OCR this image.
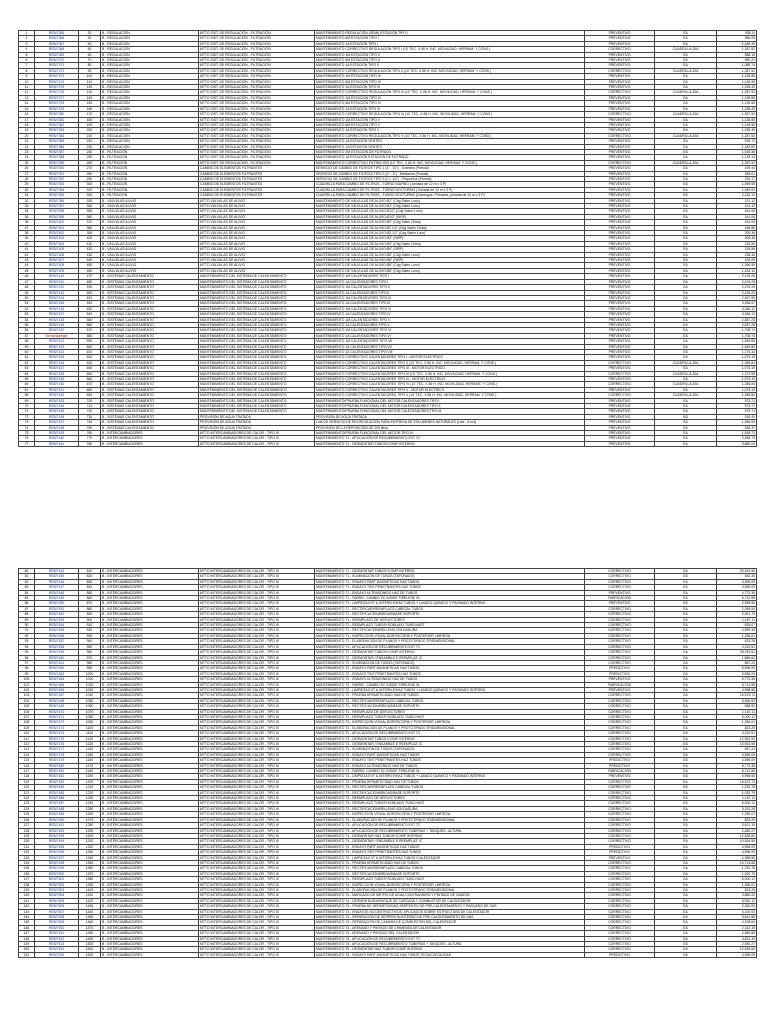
1	REB/7365	20	B - REGULACIÓN	MTTO SIST. DE REGULACIÓN - FILTRACIÓN	MANTENIMIENTO REGULACIÓN (SEMI) ESTACIÓN TIPO I	PREVENTIVO	EA	938.11
2	REB/7366	30	B - REGULACIÓN	MTTO SIST. DE REGULACIÓN - FILTRACIÓN	MANTENIMIENTO 6M ESTACIÓN TIPO I	PREVENTIVO	EA	986.06
3	REB/7367	40	B - REGULACIÓN	MTTO SIST. DE REGULACIÓN - FILTRACIÓN	MANTENIMIENTO 1A ESTACIÓN TIPO I	PREVENTIVO	EA	1,048.49
4	REB/7368	50	B - REGULACIÓN	MTTO SIST. DE REGULACIÓN - FILTRACIÓN	MANTENIMIENTO CORRECTIVO REGULACIÓN TIPO I (10' TEC. X 86 H. INC. MOVILIDAD, HERRAM. Y CONS.)	CORRECTIVO	CUADRILLA-DIA	1,287.52
5	REB/7369	60	B - REGULACIÓN	MTTO SIST. DE REGULACIÓN - FILTRACIÓN	MANTENIMIENTO 1M ESTACIÓN TIPO II	PREVENTIVO	EA	988.15
6	REB/7370	70	B - REGULACIÓN	MTTO SIST. DE REGULACIÓN - FILTRACIÓN	MANTENIMIENTO 6M ESTACIÓN TIPO II	PREVENTIVO	EA	990.22
7	REB/7371	80	B - REGULACIÓN	MTTO SIST. DE REGULACIÓN - FILTRACIÓN	MANTENIMIENTO 1A ESTACIÓN TIPO II	PREVENTIVO	EA	1,088.74
8	REB/7372	90	B - REGULACIÓN	MTTO SIST. DE REGULACIÓN - FILTRACIÓN	MANTENIMIENTO CORRECTIVO REGULACIÓN TIPO II (10' TEC. X 86 H. INC. MOVILIDAD, HERRAM. Y CONS.)	CORRECTIVO	CUADRILLA-DIA	1,287.52
9	REB/7373	100	B - REGULACIÓN	MTTO SIST. DE REGULACIÓN - FILTRACIÓN	MANTENIMIENTO 1M ESTACIÓN TIPO III	PREVENTIVO	EA	1,135.55
10	REB/7374	110	B - REGULACIÓN	MTTO SIST. DE REGULACIÓN - FILTRACIÓN	MANTENIMIENTO 6M ESTACIÓN TIPO III	PREVENTIVO	EA	1,135.55
11	REB/7375	120	B - REGULACIÓN	MTTO SIST. DE REGULACIÓN - FILTRACIÓN	MANTENIMIENTO 1A ESTACIÓN TIPO III	PREVENTIVO	EA	1,235.49
12	REB/7376	130	B - REGULACIÓN	MTTO SIST. DE REGULACIÓN - FILTRACIÓN	MANTENIMIENTO CORRECTIVO REGULACIÓN TIPO III (10' TEC. X 86 H. INC. MOVILIDAD, HERRAM. Y CONS.)	CORRECTIVO	CUADRILLA-DIA	1,287.52
13	REB/7377	140	B - REGULACIÓN	MTTO SIST. DE REGULACIÓN - FILTRACIÓN	MANTENIMIENTO 1M ESTACIÓN TIPO IV	PREVENTIVO	EA	1,135.55
14	REB/7378	150	B - REGULACIÓN	MTTO SIST. DE REGULACIÓN - FILTRACIÓN	MANTENIMIENTO 6M ESTACIÓN TIPO IV	PREVENTIVO	EA	1,135.55
15	REB/7379	160	B - REGULACIÓN	MTTO SIST. DE REGULACIÓN - FILTRACIÓN	MANTENIMIENTO 1A ESTACIÓN TIPO IV	PREVENTIVO	EA	1,235.49
16	REB/7380	170	B - REGULACIÓN	MTTO SIST. DE REGULACIÓN - FILTRACIÓN	MANTENIMIENTO CORRECTIVO REGULACIÓN TIPO IV (10' TEC. X 86 H. INC. MOVILIDAD, HERRAM. Y CONS.)	CORRECTIVO	CUADRILLA-DIA	1,287.52
17	REB/7381	180	B - REGULACIÓN	MTTO SIST. DE REGULACIÓN - FILTRACIÓN	MANTENIMIENTO 1M ESTACIÓN TIPO V	PREVENTIVO	EA	1,135.55
18	REB/7382	190	B - REGULACIÓN	MTTO SIST. DE REGULACIÓN - FILTRACIÓN	MANTENIMIENTO 6M ESTACIÓN TIPO V	PREVENTIVO	EA	1,135.55
19	REB/7383	200	B - REGULACIÓN	MTTO SIST. DE REGULACIÓN - FILTRACIÓN	MANTENIMIENTO 1A ESTACIÓN TIPO V	PREVENTIVO	EA	1,235.49
20	REB/7384	210	B - REGULACIÓN	MTTO SIST. DE REGULACIÓN - FILTRACIÓN	MANTENIMIENTO CORRECTIVO REGULACIÓN TIPO V (10' TEC. X 86 H. INC. MOVILIDAD, HERRAM. Y CONS.)	CORRECTIVO	CUADRILLA-DIA	1,287.52
21	REB/7385	220	B - REGULACIÓN	MTTO SIST. DE REGULACIÓN - FILTRACIÓN	MANTENIMIENTO 1A ESTACIÓN VENTEO	PREVENTIVO	EA	978.72
22	REB/7386	230	B - REGULACIÓN	MTTO SIST. DE REGULACIÓN - FILTRACIÓN	MANTENIMIENTO 1A ESTACIÓN VENTEO	PREVENTIVO	EA	1,182.80
23	REB/7387	240	B - FILTRACIÓN	MTTO SIST. DE REGULACIÓN - FILTRACIÓN	MANTENIMIENTO 2M ESTACIÓN DE FILTRADO	PREVENTIVO	EA	1,015.36
24	REB/7388	250	B - FILTRACIÓN	MTTO SIST. DE REGULACIÓN - FILTRACIÓN	MANTENIMIENTO 1A ESTACIÓN ESTACIÓN DE FILTRADO	PREVENTIVO	EA	1,133.13
25	REB/7389	260	B - FILTRACIÓN	MTTO SIST. DE REGULACIÓN - FILTRACIÓN	MANTENIMIENTO CORRECTIVO FILTRACIÓN (10' TEC. X 86 H. INC. MOVILIDAD, HERRAM. Y CONS.)	CORRECTIVO	CUADRILLA-DIA	1,287.52
26	REB/7390	270	B - FILTRACIÓN	CAMBIO DE ELEMENTOS FILTRANTES	SERVICIO DE CAMBIO DE FILTROS TIPO 1 (3" - 10") - Grandes (Portual)	PREVENTIVO	EA	409.44
27	REB/7391	280	B - FILTRACIÓN	CAMBIO DE ELEMENTOS FILTRANTES	SERVICIO DE CAMBIO DE FILTROS TIPO 2 (2" - 3") - Medianos (Portual)	PREVENTIVO	EA	356.01
28	REB/7392	290	B - FILTRACIÓN	CAMBIO DE ELEMENTOS FILTRANTES	SERVICIO DE CAMBIO DE FILTROS TIPO 3 (0 < 1/2") - Pequeños (Portual)	PREVENTIVO	EA	293.17
29	REB/7393	300	B - FILTRACIÓN	CAMBIO DE ELEMENTOS FILTRANTES	CUADRILLA PARA CAMBIO DE FILTROS - TURNO DIURNO (Jornada de 12 m x 3 P)	PREVENTIVO	EA	1,499.65
30	REB/7394	310	B - FILTRACIÓN	CAMBIO DE ELEMENTOS FILTRANTES	CUADRILLA PARA CAMBIO DE FILTROS - TURNO NOCTURNO (Jornada de 12 m x 3 P)	PREVENTIVO	EA	1,949.54
31	REB/7395	320	B - FILTRACIÓN	CAMBIO DE ELEMENTOS FILTRANTES	CUADRILLA PARA CAMBIO DE FILTROS - TURNO NOCTURNO (Domingos / Feriados, jornada de 12 m x 3 P)	PREVENTIVO	EA	2,132.12
32	REB/7396	330	B - VÁLVULAS ALIVIO	MTTO VÁLVULAS DE ALIVIO	MANTENIMIENTO DE VÁLVULAS DE ALIVIO Ø1" (Cdg Salen Luno)	PREVENTIVO	EA	121.12
33	REB/7397	340	B - VÁLVULAS ALIVIO	MTTO VÁLVULAS DE ALIVIO	MANTENIMIENTO DE VÁLVULAS DE ALIVIO Ø1" (Cdg Salen Luno)	PREVENTIVO	EA	121.12
34	REB/7398	350	B - VÁLVULAS ALIVIO	MTTO VÁLVULAS DE ALIVIO	MANTENIMIENTO DE VÁLVULAS DE ALIVIO Ø1/2" (Cdg Salen Luno)	PREVENTIVO	EA	161.06
35	REB/7399	360	B - VÁLVULAS ALIVIO	MTTO VÁLVULAS DE ALIVIO	MANTENIMIENTO DE VÁLVULAS DE ALIVIO Ø1/2" (SIRP)	PREVENTIVO	EA	161.06
36	REB/7400	370	B - VÁLVULAS ALIVIO	MTTO VÁLVULAS DE ALIVIO	MANTENIMIENTO DE VÁLVULAS DE ALIVIO Ø2" (Cdg Salen Chika)	PREVENTIVO	EA	161.06
37	REB/7401	380	B - VÁLVULAS ALIVIO	MTTO VÁLVULAS DE ALIVIO	MANTENIMIENTO DE VÁLVULAS DE ALIVIO Ø2 1/2" (Cdg Salen Chika)	PREVENTIVO	EA	166.88
38	REB/7402	390	B - VÁLVULAS ALIVIO	MTTO VÁLVULAS DE ALIVIO	MANTENIMIENTO DE VÁLVULAS DE ALIVIO Ø3 1/2" (Cdg Salen Luno)	PREVENTIVO	EA	205.36
39	REB/7403	400	B - VÁLVULAS ALIVIO	MTTO VÁLVULAS DE ALIVIO	MANTENIMIENTO DE VÁLVULAS DE ALIVIO Ø3" (SIRP)	PREVENTIVO	EA	205.36
40	REB/7404	410	B - VÁLVULAS ALIVIO	MTTO VÁLVULAS DE ALIVIO	MANTENIMIENTO DE VÁLVULAS DE ALIVIO Ø4" (Cdg Salen Chika)	PREVENTIVO	EA	215.56
41	REB/7405	420	B - VÁLVULAS ALIVIO	MTTO VÁLVULAS DE ALIVIO	MANTENIMIENTO DE VÁLVULAS DE ALIVIO Ø4" (SIRP)	PREVENTIVO	EA	215.56
42	REB/7406	430	B - VÁLVULAS ALIVIO	MTTO VÁLVULAS DE ALIVIO	MANTENIMIENTO DE VÁLVULAS DE ALIVIO Ø6" (Cdg Salen Luno)	PREVENTIVO	EA	238.36
43	REB/7407	440	B - VÁLVULAS ALIVIO	MTTO VÁLVULAS DE ALIVIO	MANTENIMIENTO DE VÁLVULAS DE ALIVIO Ø8" (SIRP)	PREVENTIVO	EA	129.09
44	REB/7408	450	B - VÁLVULAS ALIVIO	MTTO VÁLVULAS DE ALIVIO	MANTENIMIENTO DE VÁLVULAS DE ALIVIO Ø8" (Cdg Salen Luno)	PREVENTIVO	EA	1,266.55
45	REB/7409	460	B - VÁLVULAS ALIVIO	MTTO VÁLVULAS DE ALIVIO	MANTENIMIENTO DE VÁLVULAS DE ALIVIO Ø8" (Cdg Salen Luno)	PREVENTIVO	EA	1,433.10
46	REB/7410	470	B - SISTEMAS CALENTAMIENTO	MANTENIMIENTO DEL SISTEMA DE CALENTAMIENTO	MANTENIMIENTO 1M CALENTADORES TIPO I	PREVENTIVO	EA	2,476.25
47	REB/7411	480	B - SISTEMAS CALENTAMIENTO	MANTENIMIENTO DEL SISTEMA DE CALENTAMIENTO	MANTENIMIENTO 1A CALENTADORES TIPO I	PREVENTIVO	EA	2,476.25
48	REB/7412	490	B - SISTEMAS CALENTAMIENTO	MANTENIMIENTO DEL SISTEMA DE CALENTAMIENTO	MANTENIMIENTO 1M CALENTADORES TIPO II	PREVENTIVO	EA	2,476.25
49	REB/7413	500	B - SISTEMAS CALENTAMIENTO	MANTENIMIENTO DEL SISTEMA DE CALENTAMIENTO	MANTENIMIENTO 1A CALENTADORES TIPO II	PREVENTIVO	EA	2,476.25
50	REB/7414	510	B - SISTEMAS CALENTAMIENTO	MANTENIMIENTO DEL SISTEMA DE CALENTAMIENTO	MANTENIMIENTO 1M CALENTADORES TIPO III	PREVENTIVO	EA	2,467.95
51	REB/7415	520	B - SISTEMAS CALENTAMIENTO	MANTENIMIENTO DEL SISTEMA DE CALENTAMIENTO	MANTENIMIENTO 1A CALENTADORES TIPO III	PREVENTIVO	EA	3,266.57
52	REB/7416	530	B - SISTEMAS CALENTAMIENTO	MANTENIMIENTO DEL SISTEMA DE CALENTAMIENTO	MANTENIMIENTO 1M CALENTADORES TIPO IV	PREVENTIVO	EA	3,266.12
53	REB/7417	540	B - SISTEMAS CALENTAMIENTO	MANTENIMIENTO DEL SISTEMA DE CALENTAMIENTO	MANTENIMIENTO 1A CALENTADORES TIPO IV	PREVENTIVO	EA	3,266.12
54	REB/7418	550	B - SISTEMAS CALENTAMIENTO	MANTENIMIENTO DEL SISTEMA DE CALENTAMIENTO	MANTENIMIENTO 1M CALENTADORES TIPO V	PREVENTIVO	EA	2,487.28
55	REB/7419	560	B - SISTEMAS CALENTAMIENTO	MANTENIMIENTO DEL SISTEMA DE CALENTAMIENTO	MANTENIMIENTO 1A CALENTADORES TIPO V	PREVENTIVO	EA	2,487.28
56	REB/7420	570	B - SISTEMAS CALENTAMIENTO	MANTENIMIENTO DEL SISTEMA DE CALENTAMIENTO	MANTENIMIENTO 1M CALENTADORES TIPO VI	PREVENTIVO	EA	1,708.74
57	Borrar/agregar	580	B - SISTEMAS CALENTAMIENTO	MANTENIMIENTO DEL SISTEMA DE CALENTAMIENTO	MANTENIMIENTO 1A CALENTADORES TIPO VI	PREVENTIVO	EA	1,708.74
58	REB/7422	590	B - SISTEMAS CALENTAMIENTO	MANTENIMIENTO DEL SISTEMA DE CALENTAMIENTO	MANTENIMIENTO 1M CALENTADORES TIPO VII	PREVENTIVO	EA	1,549.85
59	REB/7423	600	B - SISTEMAS CALENTAMIENTO	MANTENIMIENTO DEL SISTEMA DE CALENTAMIENTO	MANTENIMIENTO 1A CALENTADORES TIPO VII	PREVENTIVO	EA	1,549.85
60	REB/7424	610	B - SISTEMAS CALENTAMIENTO	MANTENIMIENTO DEL SISTEMA DE CALENTAMIENTO	MANTENIMIENTO 1A CALENTADORES TIPO VIII	PREVENTIVO	EA	1,274.33
61	REB/7425	620	B - SISTEMAS CALENTAMIENTO	MANTENIMIENTO DEL SISTEMA DE CALENTAMIENTO	MANTENIMIENTO CORRECTIVO CALENTADORES TIPO I - MOTOR ELÉCTRICO	PREVENTIVO	EA	1,073.19
62	REB/7426	630	B - SISTEMAS CALENTAMIENTO	MANTENIMIENTO DEL SISTEMA DE CALENTAMIENTO	MANTENIMIENTO CORRECTIVO CALENTADORES TIPO II (10' TEC. X 86 H. INC. MOVILIDAD, HERRAM. Y CONS.)	CORRECTIVO	CUADRILLA-DIA	1,286.84
63	REB/7427	640	B - SISTEMAS CALENTAMIENTO	MANTENIMIENTO DEL SISTEMA DE CALENTAMIENTO	MANTENIMIENTO CORRECTIVO CALENTADORES TIPO III - MOTOR ELÉCTRICO	PREVENTIVO	EA	1,073.19
64	REB/7428	650	B - SISTEMAS CALENTAMIENTO	MANTENIMIENTO DEL SISTEMA DE CALENTAMIENTO	MANTENIMIENTO CORRECTIVO CALENTADORES TIPO III (10' TEC. X 86 H. INC. MOVILIDAD, HERRAM. Y CONS.)	CORRECTIVO	CUADRILLA-DIA	1,273.99
65	REB/7429	660	B - SISTEMAS CALENTAMIENTO	MANTENIMIENTO DEL SISTEMA DE CALENTAMIENTO	MANTENIMIENTO CORRECTIVO CALENTADORES TIPO IV - MOTOR ELÉCTRICO	PREVENTIVO	EA	1,073.19
66	REB/7430	670	B - SISTEMAS CALENTAMIENTO	MANTENIMIENTO DEL SISTEMA DE CALENTAMIENTO	MANTENIMIENTO CORRECTIVO CALENTADORES TIPO IV (10' TEC. X 86 H. INC. MOVILIDAD, HERRAM. Y CONS.)	CORRECTIVO	CUADRILLA-DIA	1,286.84
67	REB/7431	680	B - SISTEMAS CALENTAMIENTO	MANTENIMIENTO DEL SISTEMA DE CALENTAMIENTO	MANTENIMIENTO CORRECTIVO CALENTADORES TIPO V - MOTOR ELÉCTRICO	PREVENTIVO	EA	1,073.19
68	REB/7432	690	B - SISTEMAS CALENTAMIENTO	MANTENIMIENTO DEL SISTEMA DE CALENTAMIENTO	MANTENIMIENTO CORRECTIVO CALENTADORES TIPO V (10' TEC. X 86 H. INC. MOVILIDAD, HERRAM. Y CONS.)	CORRECTIVO	CUADRILLA-DIA	1,286.84
69	REB/7433	700	B - SISTEMAS CALENTAMIENTO	MANTENIMIENTO DEL SISTEMA DE CALENTAMIENTO	MANTENIMIENTO/PRUEBA FUNCIONAL DEL MOTOR CALENTADORES TIPO I	PREVENTIVO	EA	973.71
70	REB/7434	710	B - SISTEMAS CALENTAMIENTO	MANTENIMIENTO DEL SISTEMA DE CALENTAMIENTO	MANTENIMIENTO/PRUEBA FUNCIONAL DEL MOTOR CALENTADORES TIPO II	PREVENTIVO	EA	973.71
71	REB/7435	720	B - SISTEMAS CALENTAMIENTO	MANTENIMIENTO DEL SISTEMA DE CALENTAMIENTO	MANTENIMIENTO/PRUEBA FUNCIONAL DEL MOTOR CALENTADORES TIPO III	PREVENTIVO	EA	973.71
72	REB/7436	730	B - SISTEMAS CALENTAMIENTO	PROVISIÓN DE AGUA TRATADA	PROVISIÓN DE AGUA TRATADA	PREVENTIVO	M3	518.49
73	REB/7437	740	B - SISTEMAS CALENTAMIENTO	PROVISIÓN DE AGUA TRATADA	Lote DE SERVICIO DE RECIRCULACIÓN PARA ENTREGA DE VOLÚMENES NATURALES (Lote - 8 m3)	PREVENTIVO	EA	1,396.59
74	REB/7438	750	B - SISTEMAS CALENTAMIENTO	PROVISIÓN DE AGUA TRATADA	PROVISIÓN DE LA REPOSICIÓN DE 205 litros	PREVENTIVO	EA	335.37
75	REB/7439	760	B - INTERCAMBIADORES	MTTO INTERCAMBIADORES DE CALOR - TIPO III	MANTENIMIENTO/PRUEBA FUNCIONAL DEL MOTOR TIPO III	PREVENTIVO	EA	1,518.71
76	REB/7440	770	B - INTERCAMBIADORES	MTTO INTERCAMBIADORES DE CALOR - TIPO III	MANTENIMIENTO T1 - APLICACIÓN DE RECUBRIMIENTO EXT TC	PREVENTIVO	EA	2,535.73
77	REB/7441	780	B - INTERCAMBIADORES	MTTO INTERCAMBIADORES DE CALOR - TIPO III	MANTENIMIENTO T1 - DESMONTAR TUBOS+COMP INTERNO	PREVENTIVO	EA	3,880.04
80	REB/7444	810	B - INTERCAMBIADORES	MTTO INTERCAMBIADORES DE CALOR - TIPO III	MANTENIMIENTO T1 - DESMONTAR TUBOS+COMP INTERNO	CORRECTIVO	EA	20,924.56
81	REB/7445	820	B - INTERCAMBIADORES	MTTO INTERCAMBIADORES DE CALOR - TIPO III	MANTENIMIENTO T1 - ELIMINACIÓN DE TUBOS (TAPONADO)	CORRECTIVO	EA	682.35
82	REB/7446	830	B - INTERCAMBIADORES	MTTO INTERCAMBIADORES DE CALOR - TIPO III	MANTENIMIENTO T1 - ENSAYO PART MAGNETICAS HAZ TUBOS	CORRECTIVO	EA	3,596.09
83	REB/7447	840	B - INTERCAMBIADORES	MTTO INTERCAMBIADORES DE CALOR - TIPO III	MANTENIMIENTO T1 - ENSAYO TINT PENETRANTES HAZ TUBOS	CORRECTIVO	EA	3,596.09
84	REB/7448	850	B - INTERCAMBIADORES	MTTO INTERCAMBIADORES DE CALOR - TIPO III	MANTENIMIENTO T1 - ENSAYO ULTRASONIDO HAZ DE TUBOS	PREVENTIVO	EA	4,772.35
85	REB/7449	860	B - INTERCAMBIADORES	MTTO INTERCAMBIADORES DE CALOR - TIPO III	MANTENIMIENTO T1 - FABRIC. CAMBIO SC INSIDE FIRELENE SL	FABRICACIÓN	EA	6,712.88
86	REB/7450	870	B - INTERCAMBIADORES	MTTO INTERCAMBIADORES DE CALOR - TIPO III	MANTENIMIENTO T1 - LIMPIEZA EXT & INTERN E/HAZ TUBOS + LAVADO QUÍMICO Y PASIVADO INTERNO	PREVENTIVO	EA	2,998.55
87	REB/7451	880	B - INTERCAMBIADORES	MTTO INTERCAMBIADORES DE CALOR - TIPO III	MANTENIMIENTO T1 - RECTIFICAR/REEMPLAZO CABEZAL TUBOS	CORRECTIVO	EA	2,098.55
88	REB/7452	890	B - INTERCAMBIADORES	MTTO INTERCAMBIADORES DE CALOR - TIPO III	MANTENIMIENTO T1 - RECTIFICACIÓN/BRIDAS/BASE SOPORTE	CORRECTIVO	EA	2,321.73
89	REB/7453	900	B - INTERCAMBIADORES	MTTO INTERCAMBIADORES DE CALOR - TIPO III	MANTENIMIENTO T1 - REEMPLAZO DE DEFLECTORES	CORRECTIVO	EA	1,167.11
90	REB/7454	910	B - INTERCAMBIADORES	MTTO INTERCAMBIADORES DE CALOR - TIPO III	MANTENIMIENTO T1 - REEMPLAZO TUBOS+SOBLADO TUBO-HAST	CORRECTIVO	EA	525.07
91	REB/7455	920	B - INTERCAMBIADORES	MTTO INTERCAMBIADORES DE CALOR - TIPO III	MANTENIMIENTO T1 - RECTIFICACIÓN/RELLENO SOLDADURA	CORRECTIVO	EA	4,599.35
92	REB/7456	930	B - INTERCAMBIADORES	MTTO INTERCAMBIADORES DE CALOR - TIPO III	MANTENIMIENTO T1 - INSPECCIÓN VISUAL BOROSCOPIA Y POSTERIOR LIMPIEZA	CORRECTIVO	EA	1,256.01
93	REB/7457	940	B - INTERCAMBIADORES	MTTO INTERCAMBIADORES DE CALOR - TIPO III	MANTENIMIENTO T1 - ELABORACIÓN DE PLANOS Y PROTOTIPADO TRIDIMENSIONAL	CORRECTIVO	EA	823.25
94	REB/7458	950	B - INTERCAMBIADORES	MTTO INTERCAMBIADORES DE CALOR - TIPO III	MANTENIMIENTO T1 - APLICACIÓN DE RECUBRIMIENTO EXT TC	CORRECTIVO	EA	4,210.51
95	REB/7459	960	B - INTERCAMBIADORES	MTTO INTERCAMBIADORES DE CALOR - TIPO III	MANTENIMIENTO T2 - DESMONTAR TUBOS+COMP INTERNO	CORRECTIVO	EA	28,763.51
96	REB/7460	970	B - INTERCAMBIADORES	MTTO INTERCAMBIADORES DE CALOR - TIPO III	MANTENIMIENTO T2 - DESMONTAR / ENSAMBLE E REEMPLAZ. IC	CORRECTIVO	EA	1,866.62
97	REB/7461	980	B - INTERCAMBIADORES	MTTO INTERCAMBIADORES DE CALOR - TIPO III	MANTENIMIENTO T2 - ELIMINACIÓN DE TUBOS (TAPONADO)	CORRECTIVO	EA	887.24
98	REB/7462	990	B - INTERCAMBIADORES	MTTO INTERCAMBIADORES DE CALOR - TIPO III	MANTENIMIENTO T2 - ENSAYO PART MAGNETICAS HAZ TUBOS	PREDICTIVO	EA	5,596.09
99	REB/7463	1000	B - INTERCAMBIADORES	MTTO INTERCAMBIADORES DE CALOR - TIPO III	MANTENIMIENTO T2 - ENSAYO TINT PENETRANTES HAZ TUBOS	PREDICTIVO	EA	5,596.09
100	REB/7464	1010	B - INTERCAMBIADORES	MTTO INTERCAMBIADORES DE CALOR - TIPO III	MANTENIMIENTO T2 - ENSAYO ULTRASONIDO HAZ DE TUBOS	PREVENTIVO	EA	5,772.35
101	REB/7465	1020	B - INTERCAMBIADORES	MTTO INTERCAMBIADORES DE CALOR - TIPO III	MANTENIMIENTO T2 - FABRIC. CAMBIO SC INSIDE FIRELENE SL	FABRICACIÓN	EA	8,712.88
102	REB/7466	1030	B - INTERCAMBIADORES	MTTO INTERCAMBIADORES DE CALOR - TIPO III	MANTENIMIENTO T2 - LIMPIEZA EXT & INTERN E/HAZ TUBOS + LAVADO QUÍMICO Y PASIVADO INTERNO	PREVENTIVO	EA	4,998.55
103	REB/7467	1040	B - INTERCAMBIADORES	MTTO INTERCAMBIADORES DE CALOR - TIPO III	MANTENIMIENTO T2 - PRUEBA HERMETICIDAD HAZ DE TUBOS	CORRECTIVO	EA	15,573.72
104	REB/7468	1050	B - INTERCAMBIADORES	MTTO INTERCAMBIADORES DE CALOR - TIPO III	MANTENIMIENTO T2 - RECTIFICAR/REEMPLAZO CABEZAL TUBOS	CORRECTIVO	EA	5,306.93
105	REB/7469	1060	B - INTERCAMBIADORES	MTTO INTERCAMBIADORES DE CALOR - TIPO III	MANTENIMIENTO T2 - RECTIFICACIÓN/BRIDAS/BASE SOPORTE	CORRECTIVO	EA	588.82
106	REB/7470	1070	B - INTERCAMBIADORES	MTTO INTERCAMBIADORES DE CALOR - TIPO III	MANTENIMIENTO T2 - REEMPLAZO DE DEFLECTORES	CORRECTIVO	EA	1,167.11
107	REB/7471	1080	B - INTERCAMBIADORES	MTTO INTERCAMBIADORES DE CALOR - TIPO III	MANTENIMIENTO T2 - REEMPLAZO TUBOS+SOBLADO TUBO-HAST	CORRECTIVO	EA	6,000.12
108	REB/7472	1090	B - INTERCAMBIADORES	MTTO INTERCAMBIADORES DE CALOR - TIPO III	MANTENIMIENTO T2 - INSPECCIÓN VISUAL BOROSCOPIA Y POSTERIOR LIMPIEZA	CORRECTIVO	EA	1,256.01
109	REB/7473	1100	B - INTERCAMBIADORES	MTTO INTERCAMBIADORES DE CALOR - TIPO III	MANTENIMIENTO T2 - ELABORACIÓN DE PLANOS Y PROTOTIPADO TRIDIMENSIONAL	CORRECTIVO	EA	823.25
110	REB/7474	1110	B - INTERCAMBIADORES	MTTO INTERCAMBIADORES DE CALOR - TIPO III	MANTENIMIENTO T2 - APLICACIÓN DE RECUBRIMIENTO EXT TC	CORRECTIVO	EA	4,210.51
111	REB/7475	1120	B - INTERCAMBIADORES	MTTO INTERCAMBIADORES DE CALOR - TIPO III	MANTENIMIENTO T3 - DESMONTAR TUBOS+COMP INTERNO	CORRECTIVO	EA	12,902.93
112	REB/7476	1130	B - INTERCAMBIADORES	MTTO INTERCAMBIADORES DE CALOR - TIPO III	MANTENIMIENTO T3 - DESMONTAR / ENSAMBLE E REEMPLAZ. IC	CORRECTIVO	EA	10,924.55
113	REB/7477	1140	B - INTERCAMBIADORES	MTTO INTERCAMBIADORES DE CALOR - TIPO III	MANTENIMIENTO T3 - ELIMINACIÓN DE TUBOS (TAPONADO)	CORRECTIVO	EA	687.24
114	REB/7478	1150	B - INTERCAMBIADORES	MTTO INTERCAMBIADORES DE CALOR - TIPO III	MANTENIMIENTO T3 - ENSAYO PART MAGNETICAS HAZ TUBOS	CORRECTIVO	EA	4,596.09
115	REB/7479	1160	B - INTERCAMBIADORES	MTTO INTERCAMBIADORES DE CALOR - TIPO III	MANTENIMIENTO T3 - ENSAYO TINT PENETRANTES HAZ TUBOS	PREDICTIVO	EA	4,596.09
116	REB/7480	1170	B - INTERCAMBIADORES	MTTO INTERCAMBIADORES DE CALOR - TIPO III	MANTENIMIENTO T3 - ENSAYO ULTRASONIDO HAZ DE TUBOS	PREDICTIVO	EA	5,772.35
117	REB/7481	1180	B - INTERCAMBIADORES	MTTO INTERCAMBIADORES DE CALOR - TIPO III	MANTENIMIENTO T3 - FABRIC. CAMBIO SC INSIDE FIRELENE SL	FABRICACIÓN	EA	8,712.88
118	REB/7482	1190	B - INTERCAMBIADORES	MTTO INTERCAMBIADORES DE CALOR - TIPO III	MANTENIMIENTO T3 - LIMPIEZA EXT & INTERN E/HAZ TUBOS + LAVADO QUÍMICO Y PASIVADO INTERNO	PREVENTIVO	EA	4,998.55
119	REB/7483	1200	B - INTERCAMBIADORES	MTTO INTERCAMBIADORES DE CALOR - TIPO III	MANTENIMIENTO T3 - PRUEBA HERMETICIDAD HAZ DE TUBOS	CORRECTIVO	EA	15,573.72
120	REB/7484	1210	B - INTERCAMBIADORES	MTTO INTERCAMBIADORES DE CALOR - TIPO III	MANTENIMIENTO T3 - RECTIFICAR/REEMPLAZO CABEZAL TUBOS	CORRECTIVO	EA	1,232.78
121	REB/7485	1220	B - INTERCAMBIADORES	MTTO INTERCAMBIADORES DE CALOR - TIPO III	MANTENIMIENTO T3 - RECTIFICACIÓN/BRIDAS/BASE SOPORTE	CORRECTIVO	EA	1,032.79
122	REB/7486	1230	B - INTERCAMBIADORES	MTTO INTERCAMBIADORES DE CALOR - TIPO III	MANTENIMIENTO T3 - REEMPLAZO DE DEFLECTORES	CORRECTIVO	EA	1,167.11
123	REB/7487	1240	B - INTERCAMBIADORES	MTTO INTERCAMBIADORES DE CALOR - TIPO III	MANTENIMIENTO T3 - REEMPLAZO TUBOS+SOBLADO TUBO-HAST	CORRECTIVO	EA	6,000.12
124	REB/7488	1250	B - INTERCAMBIADORES	MTTO INTERCAMBIADORES DE CALOR - TIPO III	MANTENIMIENTO T3 - RECTIFICACIÓN/RELLENO SOLDADURA	CORRECTIVO	EA	3,211.28
125	REB/7489	1260	B - INTERCAMBIADORES	MTTO INTERCAMBIADORES DE CALOR - TIPO III	MANTENIMIENTO T3 - INSPECCIÓN VISUAL BOROSCOPIA Y POSTERIOR LIMPIEZA	CORRECTIVO	EA	1,256.01
126	REB/7490	1270	B - INTERCAMBIADORES	MTTO INTERCAMBIADORES DE CALOR - TIPO III	MANTENIMIENTO T3 - ELABORACIÓN DE PLANOS Y PROTOTIPADO TRIDIMENSIONAL	CORRECTIVO	EA	823.25
127	REB/7491	1280	B - INTERCAMBIADORES	MTTO INTERCAMBIADORES DE CALOR - TIPO III	MANTENIMIENTO T3 - APLICACIÓN DE RECUBRIMIENTO EXT TC	CORRECTIVO	EA	3,621.19
128	REB/7492	1290	B - INTERCAMBIADORES	MTTO INTERCAMBIADORES DE CALOR - TIPO III	MANTENIMIENTO T3 - APLICACIÓN DE RECUBRIMIENTO TUBERÍAS + TANQUES - ALTURA	CORRECTIVO	EA	2,480.27
129	REB/7493	1300	B - INTERCAMBIADORES	MTTO INTERCAMBIADORES DE CALOR - TIPO III	MANTENIMIENTO T4 - DESMONTAR HAZ TUBOS+COMP INTERNO	CORRECTIVO	EA	12,528.60
130	REB/7494	1310	B - INTERCAMBIADORES	MTTO INTERCAMBIADORES DE CALOR - TIPO III	MANTENIMIENTO T4 - DESMONTAR / ENSAMBLE E REEMPLAZ. IC	CORRECTIVO	EA	10,924.55
131	REB/7495	1320	B - INTERCAMBIADORES	MTTO INTERCAMBIADORES DE CALOR - TIPO III	MANTENIMIENTO T4 - ENSAYO PART MAGNETICAS HAZ TUBOS	PREDICTIVO	EA	4,596.09
132	REB/7496	1330	B - INTERCAMBIADORES	MTTO INTERCAMBIADORES DE CALOR - TIPO III	MANTENIMIENTO T4 - ENSAYO TINT PENETRANTES HAZ TUBOS	PREDICTIVO	EA	4,596.09
133	REB/7497	1340	B - INTERCAMBIADORES	MTTO INTERCAMBIADORES DE CALOR - TIPO III	MANTENIMIENTO T4 - LIMPIEZA EXT & INTERN E/HAZ TUBOS+CALENTADOR	PREVENTIVO	EA	4,998.55
134	REB/7498	1350	B - INTERCAMBIADORES	MTTO INTERCAMBIADORES DE CALOR - TIPO III	MANTENIMIENTO T4 - PRUEBA HERMETICIDAD HAZ DE TUBOS	CORRECTIVO	EA	10,713.88
135	REB/7499	1360	B - INTERCAMBIADORES	MTTO INTERCAMBIADORES DE CALOR - TIPO III	MANTENIMIENTO T4 - RECTIFICAR/REEMPLAZO CABEZAL TUBOS	CORRECTIVO	EA	1,232.78
136	REB/7500	1370	B - INTERCAMBIADORES	MTTO INTERCAMBIADORES DE CALOR - TIPO III	MANTENIMIENTO T4 - RECTIFICACIÓN/BRIDAS/BASE SOPORTE	CORRECTIVO	EA	1,032.79
137	REB/7501	1380	B - INTERCAMBIADORES	MTTO INTERCAMBIADORES DE CALOR - TIPO III	MANTENIMIENTO T4 - REEMPLAZO TUBOS+SOBLADO TUBO-HAST	CORRECTIVO	EA	6,000.12
138	REB/7502	1390	B - INTERCAMBIADORES	MTTO INTERCAMBIADORES DE CALOR - TIPO III	MANTENIMIENTO T4 - INSPECCIÓN VISUAL BOROSCOPIA Y POSTERIOR LIMPIEZA	CORRECTIVO	EA	1,256.01
139	REB/7503	1400	B - INTERCAMBIADORES	MTTO INTERCAMBIADORES DE CALOR - TIPO III	MANTENIMIENTO T4 - ELABORACIÓN DE PLANOS Y PROTOTIPADO TRIDIMENSIONAL	CORRECTIVO	EA	823.25
140	REB/7504	1410	B - INTERCAMBIADORES	MTTO INTERCAMBIADORES DE CALOR - TIPO III	MANTENIMIENTO T4 - MARCADO DE METRO DE AGUA CONTRAHIDRO Y PINTADO DE CAMIÓN	CORRECTIVO	EA	3,880.20
141	REB/7505	1420	B - INTERCAMBIADORES	MTTO INTERCAMBIADORES DE CALOR - TIPO III	MANTENIMIENTO T4 - DESMONTAJE/MONTAJE DE CARCASA Y COMBUSTOR DE CALENTADOR	CORRECTIVO	EA	8,930.12
142	REB/7506	1430	B - INTERCAMBIADORES	MTTO INTERCAMBIADORES DE CALOR - TIPO III	MANTENIMIENTO T4 - PRUEBA DE HERMETICIDAD SERPENTÍN DE PRE-CALENTAMIENTO Y PASIVADO DE GAS	CORRECTIVO	EA	2,320.00
143	REB/7507	1440	B - INTERCAMBIADORES	MTTO INTERCAMBIADORES DE CALOR - TIPO III	MANTENIMIENTO T4 - ENSAYOS NO DESTRUCTIVOS: APLICADOS SOBRE ESTRUCTURA DE CALENTADOR	CORRECTIVO	EA	4,100.00
144	REB/7508	1450	B - INTERCAMBIADORES	MTTO INTERCAMBIADORES DE CALOR - TIPO III	MANTENIMIENTO T4 - REPARACIÓN DE SERPENTÍN INTERNO DE PRE-CALENTAMIENTO DE GAS	CORRECTIVO	EA	3,612.88
145	REB/7509	1460	B - INTERCAMBIADORES	MTTO INTERCAMBIADORES DE CALOR - TIPO III	MANTENIMIENTO T4 - REPARACIÓN DE CAMARA DE COMBUSTIÓN DEL CALENTADOR	CORRECTIVO	EA	4,208.64
146	REB/7510	1470	B - INTERCAMBIADORES	MTTO INTERCAMBIADORES DE CALOR - TIPO III	MANTENIMIENTO T4 - ARENADO Y PINTADO DE CHIMENEA DE CALENTADOR	CORRECTIVO	EA	2,312.19
147	REB/7511	1480	B - INTERCAMBIADORES	MTTO INTERCAMBIADORES DE CALOR - TIPO III	MANTENIMIENTO T4 - ARENADO Y PINTADO DEL CALENTADOR	CORRECTIVO	EA	4,650.88
148	REB/7512	1490	B - INTERCAMBIADORES	MTTO INTERCAMBIADORES DE CALOR - TIPO III	MANTENIMIENTO T4 - APLICACIÓN DE RECUBRIMIENTO EXT TC	CORRECTIVO	EA	3,621.19
149	REB/7513	1500	B - INTERCAMBIADORES	MTTO INTERCAMBIADORES DE CALOR - TIPO III	MANTENIMIENTO T4 - APLICACIÓN DE RECUBRIMIENTO TUBERÍAS + TANQUES - ALTURA	CORRECTIVO	EA	2,480.27
150	REB/7514	1510	B - INTERCAMBIADORES	MTTO INTERCAMBIADORES DE CALOR - TIPO III	MANTENIMIENTO T5 - DESMONTAR HAZ TUBOS+COMP INTERNO	CORRECTIVO	EA	12,528.60
151	REB/7515	1520	B - INTERCAMBIADORES	MTTO INTERCAMBIADORES DE CALOR - TIPO III	MANTENIMIENTO T5 - ENSAYO PART MAGNETICAS HAZ TUBOS TÉCNICO/CALIDAD	PREDICTIVO	EA	4,596.09
